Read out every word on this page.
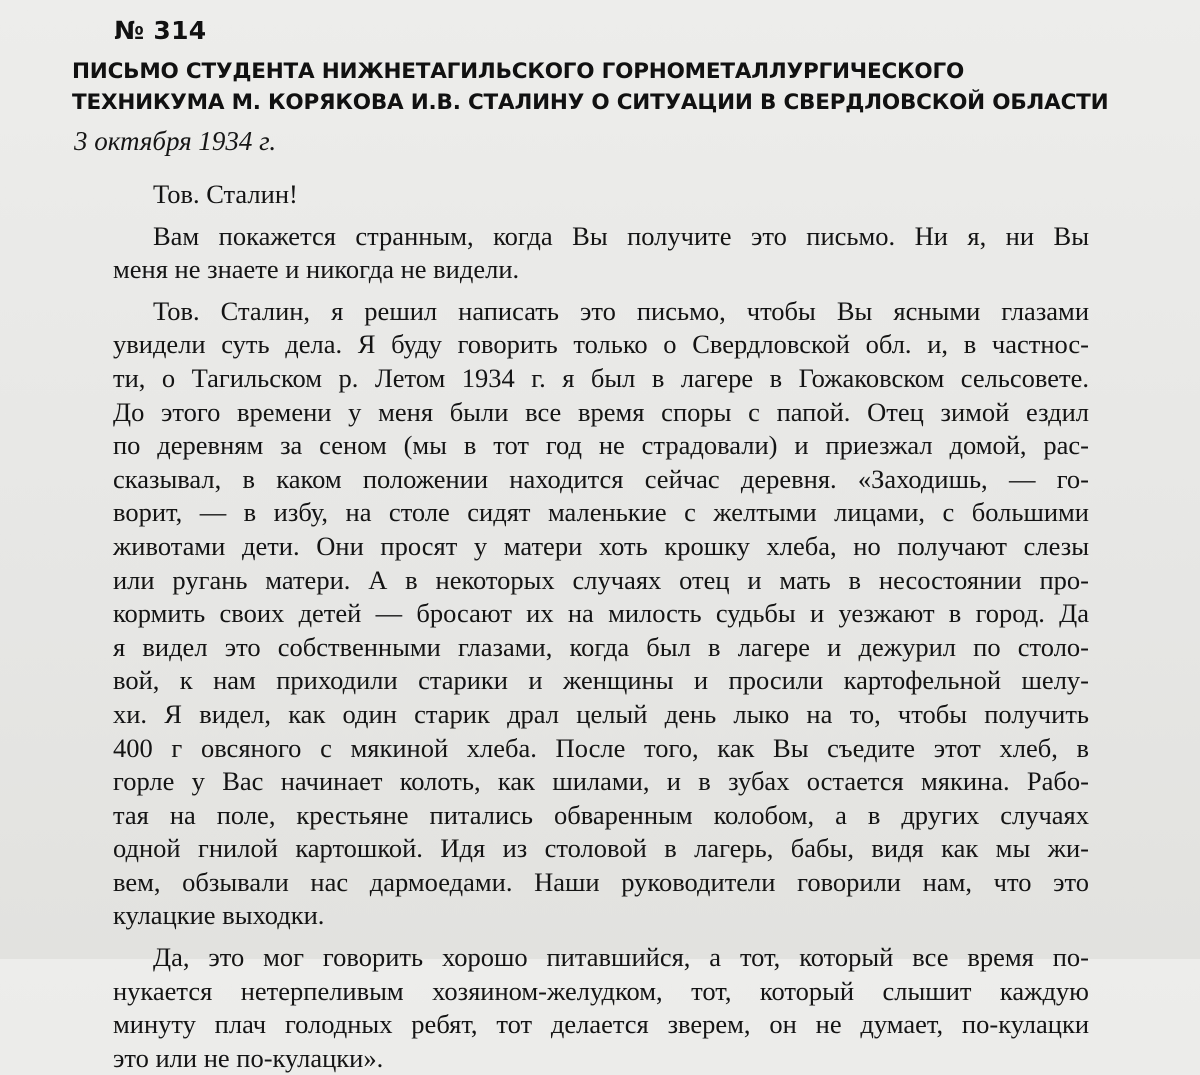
№ 314
ПИСЬМО СТУДЕНТА НИЖНЕТАГИЛЬСКОГО ГОРНОМЕТАЛЛУРГИЧЕСКОГО
ТЕХНИКУМА М. КОРЯКОВА И.В. СТАЛИНУ О СИТУАЦИИ В СВЕРДЛОВСКОЙ ОБЛАСТИ
3 октября 1934 г.

Тов. Сталин!

Вам покажется странным, когда Вы получите это письмо. Ни я, ни Вы
меня не знаете и никогда не видели.

Тов. Сталин, я решил написать это письмо, чтобы Вы ясными глазами
увидели суть дела. Я буду говорить только о Свердловской обл. и, в частнос-
ти, о Тагильском р. Летом 1934 г. я был в лагере в Гожаковском сельсовете.
До этого времени у меня были все время споры с папой. Отец зимой ездил
по деревням за сеном (мы в тот год не страдовали) и приезжал домой, рас-
сказывал, в каком положении находится сейчас деревня. «Заходишь, — го-
ворит, — в избу, на столе сидят маленькие с желтыми лицами, с большими
животами дети. Они просят у матери хоть крошку хлеба, но получают слезы
или ругань матери. А в некоторых случаях отец и мать в несостоянии про-
кормить своих детей — бросают их на милость судьбы и уезжают в город. Да
я видел это собственными глазами, когда был в лагере и дежурил по столо-
вой, к нам приходили старики и женщины и просили картофельной шелу-
хи. Я видел, как один старик драл целый день лыко на то, чтобы получить
400 г овсяного с мякиной хлеба. После того, как Вы съедите этот хлеб, в
горле у Вас начинает колоть, как шилами, и в зубах остается мякина. Рабо-
тая на поле, крестьяне питались обваренным колобом, а в других случаях
одной гнилой картошкой. Идя из столовой в лагерь, бабы, видя как мы жи-
вем, обзывали нас дармоедами. Наши руководители говорили нам, что это
кулацкие выходки.

Да, это мог говорить хорошо питавшийся, а тот, который все время по-
нукается нетерпеливым хозяином-желудком, тот, который слышит каждую
минуту плач голодных ребят, тот делается зверем, он не думает, по-кулацки
это или не по-кулацки».
